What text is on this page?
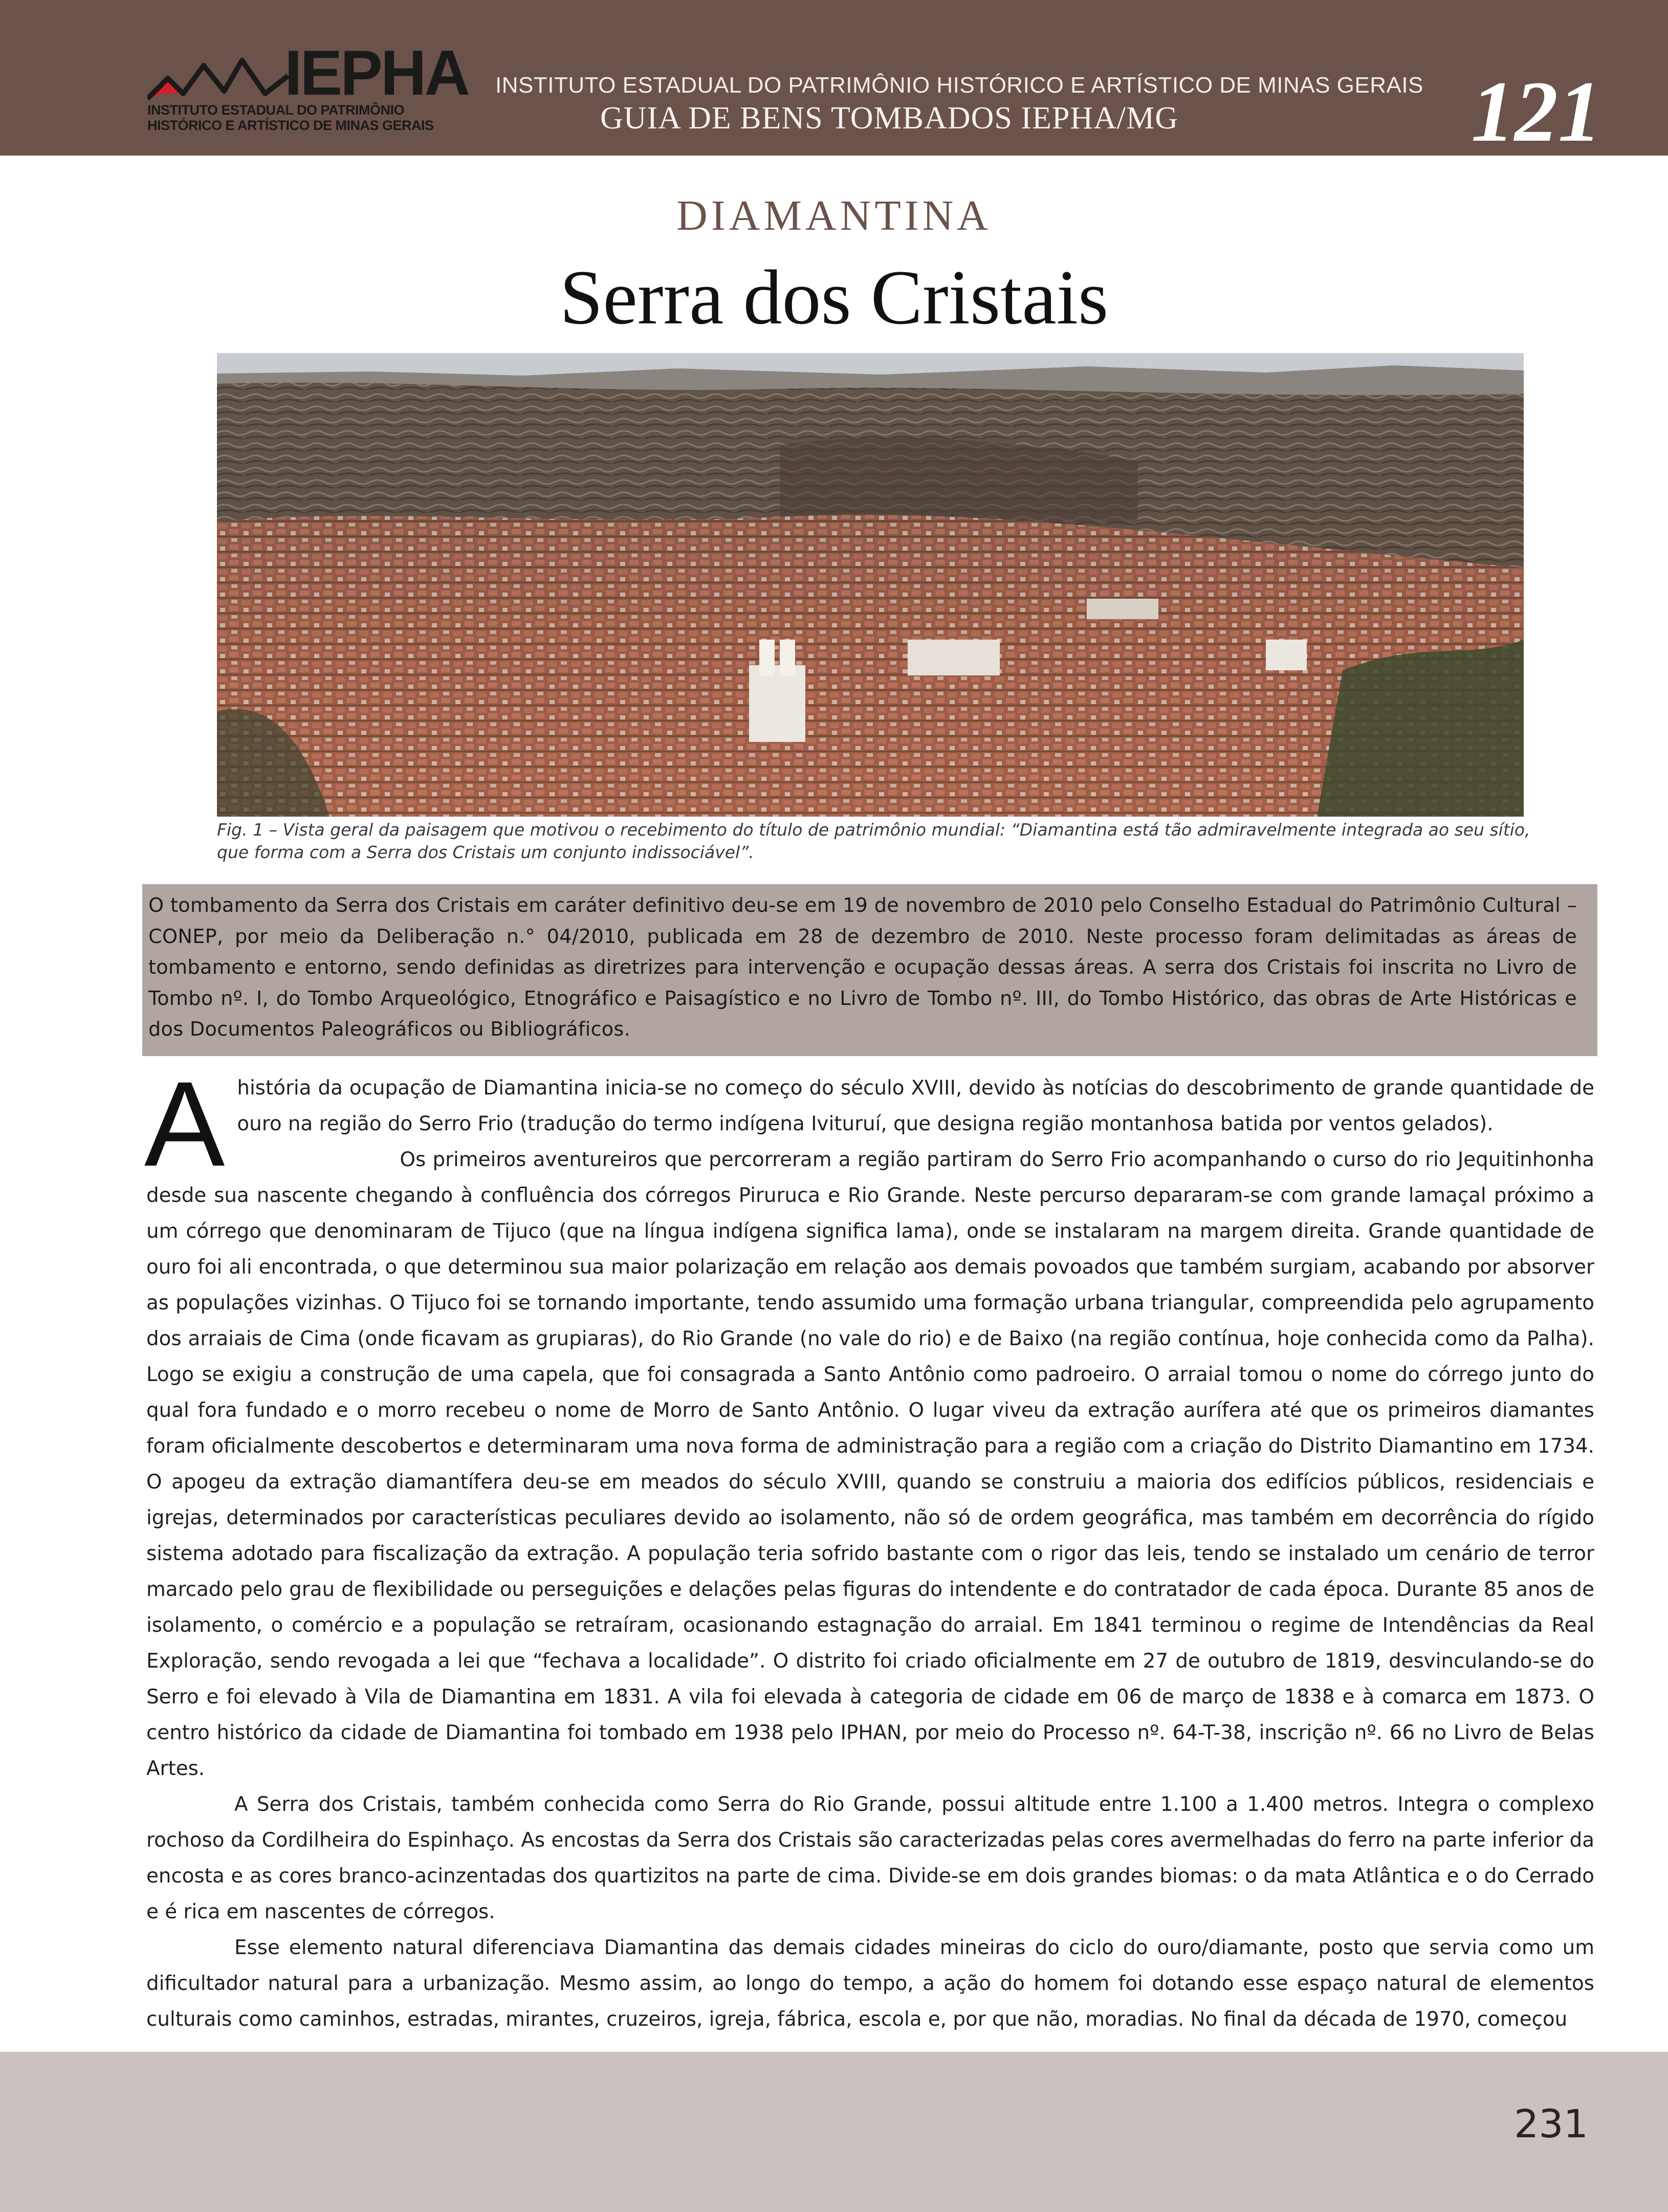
IEPHA
INSTITUTO ESTADUAL DO PATRIMÔNIO
HISTÓRICO E ARTÍSTICO DE MINAS GERAIS
INSTITUTO ESTADUAL DO PATRIMÔNIO HISTÓRICO E ARTÍSTICO DE MINAS GERAIS
GUIA DE BENS TOMBADOS IEPHA/MG	121
DIAMANTINA
Serra dos Cristais
Fig. 1 – Vista geral da paisagem que motivou o recebimento do título de patrimônio mundial: “Diamantina está tão admiravelmente integrada ao seu sítio,
que forma com a Serra dos Cristais um conjunto indissociável”.
O tombamento da Serra dos Cristais em caráter definitivo deu-se em 19 de novembro de 2010 pelo Conselho Estadual do Patrimônio Cultural – CONEP, por meio da Deliberação n.° 04/2010, publicada em 28 de dezembro de 2010. Neste processo foram delimitadas as áreas de tombamento e entorno, sendo definidas as diretrizes para intervenção e ocupação dessas áreas. A serra dos Cristais foi inscrita no Livro de Tombo nº. I, do Tombo Arqueológico, Etnográfico e Paisagístico e no Livro de Tombo nº. III, do Tombo Histórico, das obras de Arte Históricas e dos Documentos Paleográficos ou Bibliográficos.
A história da ocupação de Diamantina inicia-se no começo do século XVIII, devido às notícias do descobrimento de grande quantidade de ouro na região do Serro Frio (tradução do termo indígena Ivituruí, que designa região montanhosa batida por ventos gelados).

Os primeiros aventureiros que percorreram a região partiram do Serro Frio acompanhando o curso do rio Jequitinhonha desde sua nascente chegando à confluência dos córregos Piruruca e Rio Grande. Neste percurso depararam-se com grande lamaçal próximo a um córrego que denominaram de Tijuco (que na língua indígena significa lama), onde se instalaram na margem direita. Grande quantidade de ouro foi ali encontrada, o que determinou sua maior polarização em relação aos demais povoados que também surgiam, acabando por absorver as populações vizinhas. O Tijuco foi se tornando importante, tendo assumido uma formação urbana triangular, compreendida pelo agrupamento dos arraiais de Cima (onde ficavam as grupiaras), do Rio Grande (no vale do rio) e de Baixo (na região contínua, hoje conhecida como da Palha). Logo se exigiu a construção de uma capela, que foi consagrada a Santo Antônio como padroeiro. O arraial tomou o nome do córrego junto do qual fora fundado e o morro recebeu o nome de Morro de Santo Antônio. O lugar viveu da extração aurífera até que os primeiros diamantes foram oficialmente descobertos e determinaram uma nova forma de administração para a região com a criação do Distrito Diamantino em 1734. O apogeu da extração diamantífera deu-se em meados do século XVIII, quando se construiu a maioria dos edifícios públicos, residenciais e igrejas, determinados por características peculiares devido ao isolamento, não só de ordem geográfica, mas também em decorrência do rígido sistema adotado para fiscalização da extração. A população teria sofrido bastante com o rigor das leis, tendo se instalado um cenário de terror marcado pelo grau de flexibilidade ou perseguições e delações pelas figuras do intendente e do contratador de cada época. Durante 85 anos de isolamento, o comércio e a população se retraíram, ocasionando estagnação do arraial. Em 1841 terminou o regime de Intendências da Real Exploração, sendo revogada a lei que “fechava a localidade”. O distrito foi criado oficialmente em 27 de outubro de 1819, desvinculando-se do Serro e foi elevado à Vila de Diamantina em 1831. A vila foi elevada à categoria de cidade em 06 de março de 1838 e à comarca em 1873. O centro histórico da cidade de Diamantina foi tombado em 1938 pelo IPHAN, por meio do Processo nº. 64-T-38, inscrição nº. 66 no Livro de Belas Artes.

A Serra dos Cristais, também conhecida como Serra do Rio Grande, possui altitude entre 1.100 a 1.400 metros. Integra o complexo rochoso da Cordilheira do Espinhaço. As encostas da Serra dos Cristais são caracterizadas pelas cores avermelhadas do ferro na parte inferior da encosta e as cores branco-acinzentadas dos quartizitos na parte de cima. Divide-se em dois grandes biomas: o da mata Atlântica e o do Cerrado e é rica em nascentes de córregos.

Esse elemento natural diferenciava Diamantina das demais cidades mineiras do ciclo do ouro/diamante, posto que servia como um dificultador natural para a urbanização. Mesmo assim, ao longo do tempo, a ação do homem foi dotando esse espaço natural de elementos culturais como caminhos, estradas, mirantes, cruzeiros, igreja, fábrica, escola e, por que não, moradias. No final da década de 1970, começou

231
